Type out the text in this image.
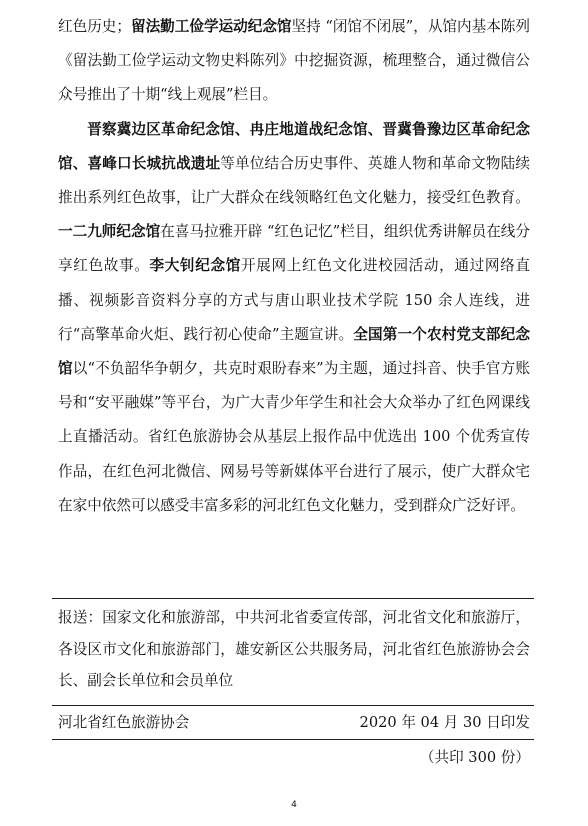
红色历史；留法勤工俭学运动纪念馆坚持 “闭馆不闭展”，从馆内基本陈列《留法勤工俭学运动文物史料陈列》中挖掘资源，梳理整合，通过微信公众号推出了十期“线上观展”栏目。

晋察冀边区革命纪念馆、冉庄地道战纪念馆、晋冀鲁豫边区革命纪念馆、喜峰口长城抗战遗址等单位结合历史事件、英雄人物和革命文物陆续推出系列红色故事，让广大群众在线领略红色文化魅力，接受红色教育。一二九师纪念馆在喜马拉雅开辟 “红色记忆”栏目，组织优秀讲解员在线分享红色故事。李大钊纪念馆开展网上红色文化进校园活动，通过网络直播、视频影音资料分享的方式与唐山职业技术学院 150 余人连线，进行“高擎革命火炬、践行初心使命”主题宣讲。全国第一个农村党支部纪念馆以“不负韶华争朝夕，共克时艰盼春来”为主题，通过抖音、快手官方账号和“安平融媒”等平台，为广大青少年学生和社会大众举办了红色网课线上直播活动。省红色旅游协会从基层上报作品中优选出 100 个优秀宣传作品，在红色河北微信、网易号等新媒体平台进行了展示，使广大群众宅在家中依然可以感受丰富多彩的河北红色文化魅力，受到群众广泛好评。

报送：国家文化和旅游部，中共河北省委宣传部，河北省文化和旅游厅，各设区市文化和旅游部门，雄安新区公共服务局，河北省红色旅游协会会长、副会长单位和会员单位
河北省红色旅游协会	2020 年 04 月 30 日印发
（共印 300 份）
4
